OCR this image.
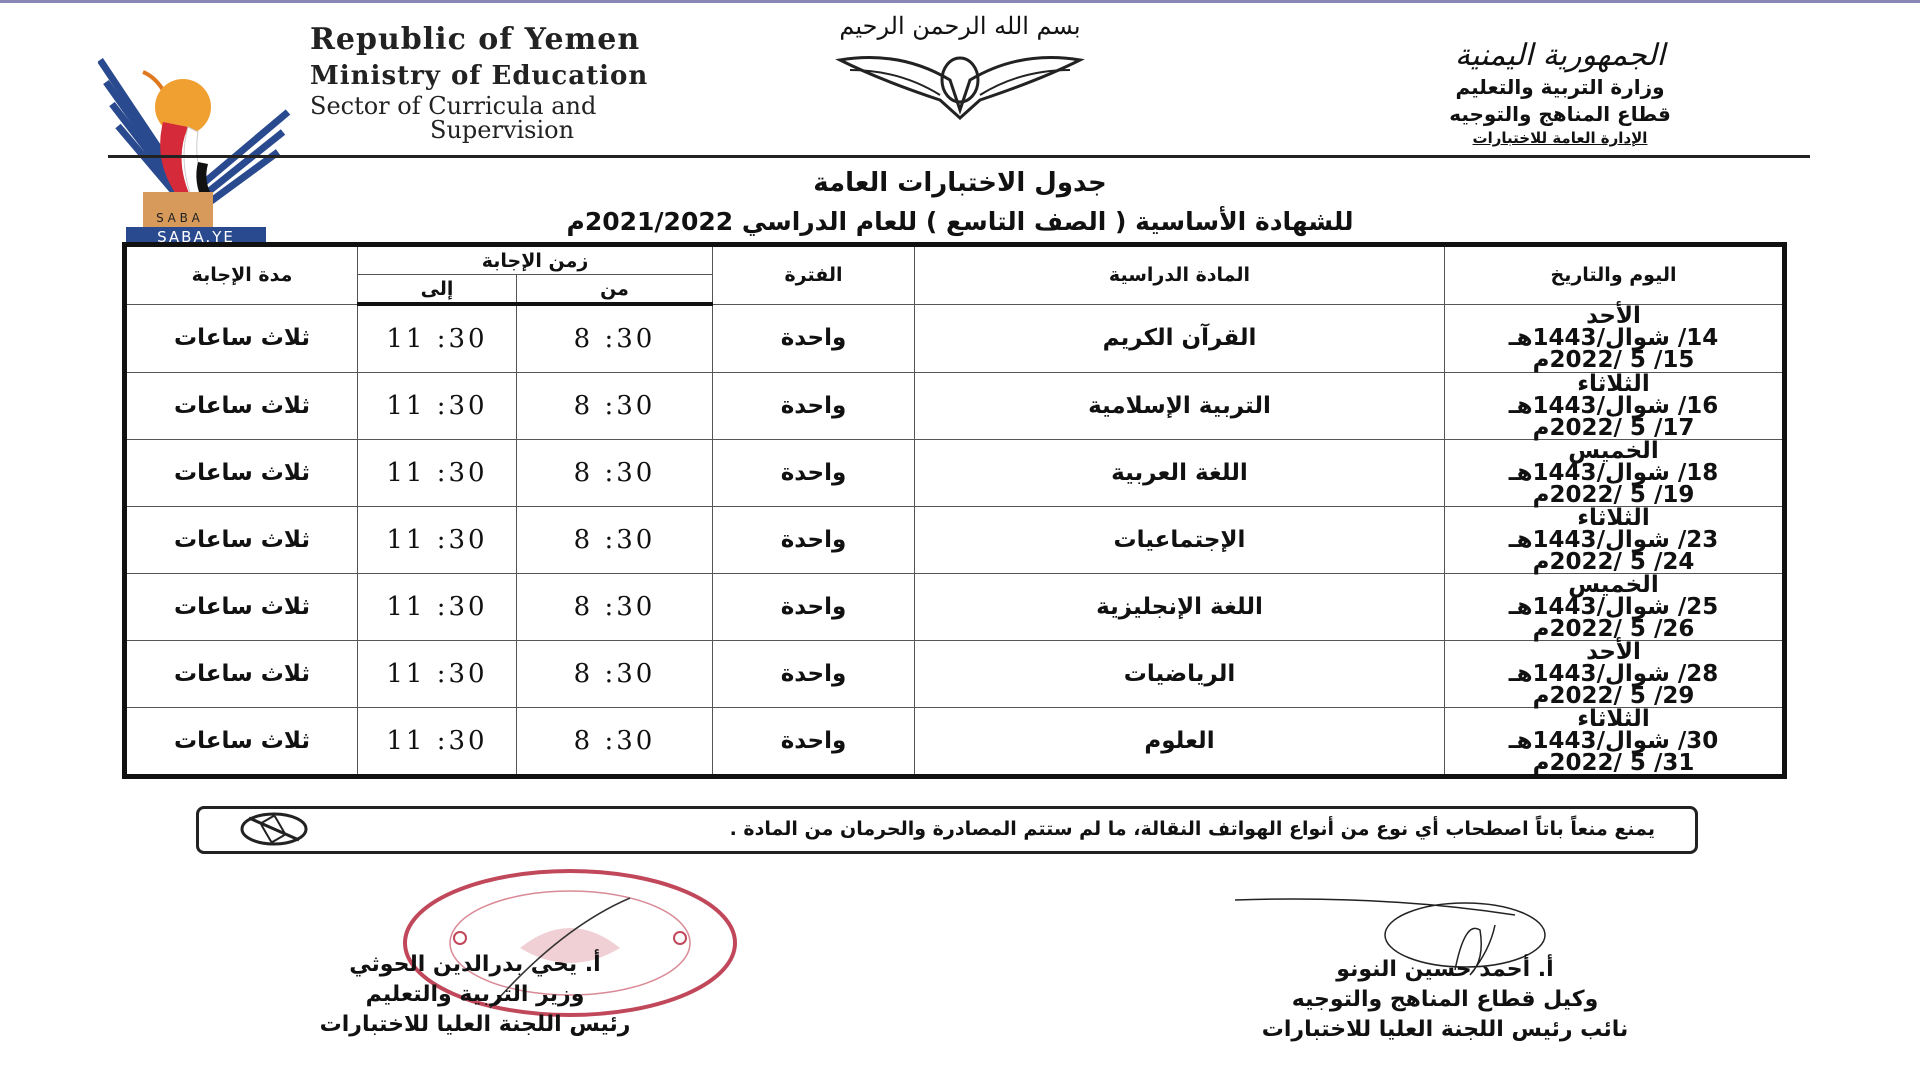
S A B A
SABA.YE
Republic of Yemen
Ministry of Education
Sector of Curricula and
Supervision
بسم الله الرحمن الرحيم
الجمهورية اليمنية
وزارة التربية والتعليم
قطاع المناهج والتوجيه
الإدارة العامة للاختبارات
جدول الاختبارات العامة
للشهادة الأساسية ( الصف التاسع ) للعام الدراسي 2021/2022م
اليوم والتاريخ	المادة الدراسية	الفترة	زمن الإجابة		مدة الإجابة
			من	إلى	

الأحد
14/ شوال/1443هـ
15/ 5 /2022م	القرآن الكريم	واحدة	8 :30	11 :30	ثلاث ساعات

الثلاثاء
16/ شوال/1443هـ
17/ 5 /2022م	التربية الإسلامية	واحدة	8 :30	11 :30	ثلاث ساعات

الخميس
18/ شوال/1443هـ
19/ 5 /2022م	اللغة العربية	واحدة	8 :30	11 :30	ثلاث ساعات

الثلاثاء
23/ شوال/1443هـ
24/ 5 /2022م	الإجتماعيات	واحدة	8 :30	11 :30	ثلاث ساعات

الخميس
25/ شوال/1443هـ
26/ 5 /2022م	اللغة الإنجليزية	واحدة	8 :30	11 :30	ثلاث ساعات

الأحد
28/ شوال/1443هـ
29/ 5 /2022م	الرياضيات	واحدة	8 :30	11 :30	ثلاث ساعات

الثلاثاء
30/ شوال/1443هـ
31/ 5 /2022م	العلوم	واحدة	8 :30	11 :30	ثلاث ساعات
يمنع منعاً باتاً اصطحاب أي نوع من أنواع الهواتف النقالة، ما لم ستتم المصادرة والحرمان من المادة .
أ. يحي بدرالدين الحوثي
وزير التربية والتعليم
رئيس اللجنة العليا للاختبارات
أ. أحمد حسين النونو
وكيل قطاع المناهج والتوجيه
نائب رئيس اللجنة العليا للاختبارات
